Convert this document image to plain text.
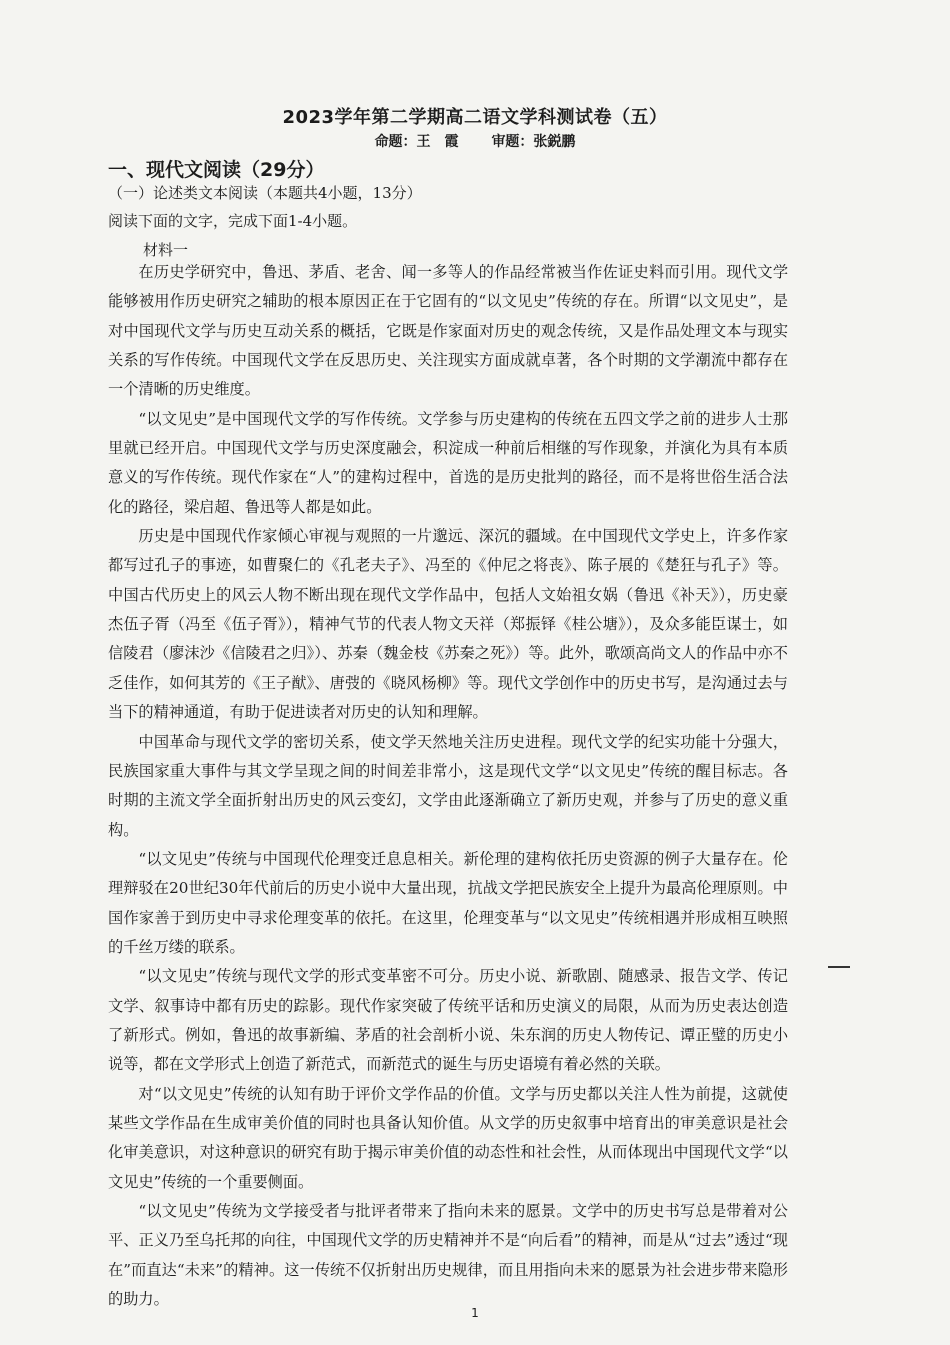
2023学年第二学期高二语文学科测试卷（五）
命题：王　霞 审题：张鋭鹏
一、现代文阅读（29分）
（一）论述类文本阅读（本题共4小题，13分）
阅读下面的文字，完成下面1-4小题。
材料一

在历史学研究中，鲁迅、茅盾、老舍、闻一多等人的作品经常被当作佐证史料而引用。现代文学能够被用作历史研究之辅助的根本原因正在于它固有的“以文见史”传统的存在。所谓“以文见史”，是对中国现代文学与历史互动关系的概括，它既是作家面对历史的观念传统，又是作品处理文本与现实关系的写作传统。中国现代文学在反思历史、关注现实方面成就卓著，各个时期的文学潮流中都存在一个清晰的历史维度。

“以文见史”是中国现代文学的写作传统。文学参与历史建构的传统在五四文学之前的进步人士那里就已经开启。中国现代文学与历史深度融会，积淀成一种前后相继的写作现象，并演化为具有本质意义的写作传统。现代作家在“人”的建构过程中，首选的是历史批判的路径，而不是将世俗生活合法化的路径，梁启超、鲁迅等人都是如此。

历史是中国现代作家倾心审视与观照的一片邈远、深沉的疆域。在中国现代文学史上，许多作家都写过孔子的事迹，如曹聚仁的《孔老夫子》、冯至的《仲尼之将丧》、陈子展的《楚狂与孔子》等。中国古代历史上的风云人物不断出现在现代文学作品中，包括人文始祖女娲（鲁迅《补天》），历史豪杰伍子胥（冯至《伍子胥》），精神气节的代表人物文天祥（郑振铎《桂公塘》），及众多能臣谋士，如信陵君（廖沫沙《信陵君之归》）、苏秦（魏金枝《苏秦之死》）等。此外，歌颂高尚文人的作品中亦不乏佳作，如何其芳的《王子猷》、唐弢的《晓风杨柳》等。现代文学创作中的历史书写，是沟通过去与当下的精神通道，有助于促进读者对历史的认知和理解。

中国革命与现代文学的密切关系，使文学天然地关注历史进程。现代文学的纪实功能十分强大，民族国家重大事件与其文学呈现之间的时间差非常小，这是现代文学“以文见史”传统的醒目标志。各时期的主流文学全面折射出历史的风云变幻，文学由此逐渐确立了新历史观，并参与了历史的意义重构。

“以文见史”传统与中国现代伦理变迁息息相关。新伦理的建构依托历史资源的例子大量存在。伦理辩驳在20世纪30年代前后的历史小说中大量出现，抗战文学把民族安全上提升为最高伦理原则。中国作家善于到历史中寻求伦理变革的依托。在这里，伦理变革与“以文见史”传统相遇并形成相互映照的千丝万缕的联系。

“以文见史”传统与现代文学的形式变革密不可分。历史小说、新歌剧、随感录、报告文学、传记文学、叙事诗中都有历史的踪影。现代作家突破了传统平话和历史演义的局限，从而为历史表达创造了新形式。例如，鲁迅的故事新编、茅盾的社会剖析小说、朱东润的历史人物传记、谭正璧的历史小说等，都在文学形式上创造了新范式，而新范式的诞生与历史语境有着必然的关联。

对“以文见史”传统的认知有助于评价文学作品的价值。文学与历史都以关注人性为前提，这就使某些文学作品在生成审美价值的同时也具备认知价值。从文学的历史叙事中培育出的审美意识是社会化审美意识，对这种意识的研究有助于揭示审美价值的动态性和社会性，从而体现出中国现代文学“以文见史”传统的一个重要侧面。

“以文见史”传统为文学接受者与批评者带来了指向未来的愿景。文学中的历史书写总是带着对公平、正义乃至乌托邦的向往，中国现代文学的历史精神并不是“向后看”的精神，而是从“过去”透过“现在”而直达“未来”的精神。这一传统不仅折射出历史规律，而且用指向未来的愿景为社会进步带来隐形的助力。

1
